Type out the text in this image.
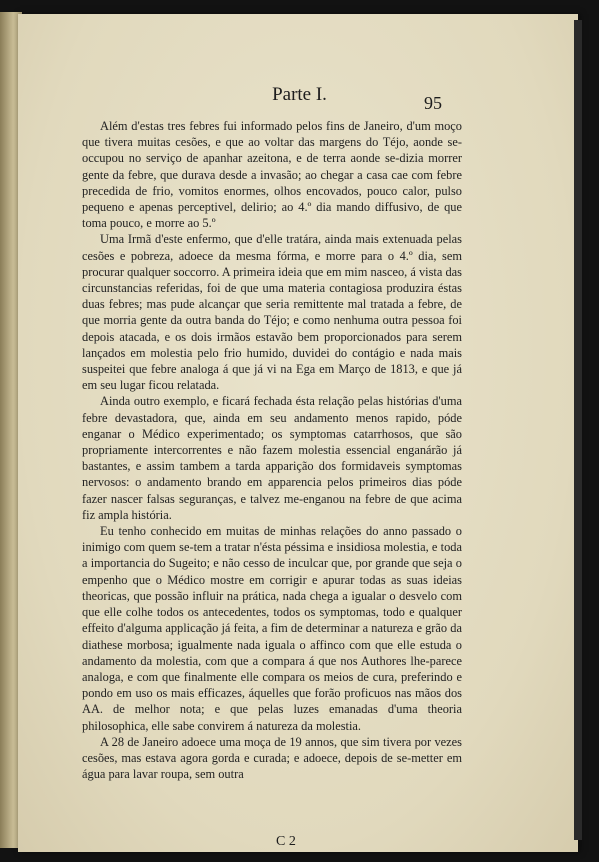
Parte I.	95

Além d'estas tres febres fui informado pelos fins de Janeiro, d'um moço que tivera muitas cesões, e que ao voltar das margens do Téjo, aonde se-occupou no serviço de apanhar azeitona, e de terra aonde se-dizia morrer gente da febre, que durava desde a invasão; ao chegar a casa cae com febre precedida de frio, vomitos enormes, olhos encovados, pouco calor, pulso pequeno e apenas perceptivel, delirio; ao 4.º dia mando diffusivo, de que toma pouco, e morre ao 5.º

Uma Irmã d'este enfermo, que d'elle tratára, ainda mais extenuada pelas cesões e pobreza, adoece da mesma fórma, e morre para o 4.º dia, sem procurar qualquer soccorro. A primeira ideia que em mim nasceo, á vista das circunstancias referidas, foi de que uma materia contagiosa produzira éstas duas febres; mas pude alcançar que seria remittente mal tratada a febre, de que morria gente da outra banda do Téjo; e como nenhuma outra pessoa foi depois atacada, e os dois irmãos estavão bem proporcionados para serem lançados em molestia pelo frio humido, duvidei do contágio e nada mais suspeitei que febre analoga á que já vi na Ega em Março de 1813, e que já em seu lugar ficou relatada.

Ainda outro exemplo, e ficará fechada ésta relação pelas histórias d'uma febre devastadora, que, ainda em seu andamento menos rapido, póde enganar o Médico experimentado; os symptomas catarrhosos, que são propriamente intercorrentes e não fazem molestia essencial enganárão já bastantes, e assim tambem a tarda apparição dos formidaveis symptomas nervosos: o andamento brando em apparencia pelos primeiros dias póde fazer nascer falsas seguranças, e talvez me-enganou na febre de que acima fiz ampla história.

Eu tenho conhecido em muitas de minhas relações do anno passado o inimigo com quem se-tem a tratar n'ésta péssima e insidiosa molestia, e toda a importancia do Sugeito; e não cesso de inculcar que, por grande que seja o empenho que o Médico mostre em corrigir e apurar todas as suas ideias theoricas, que possão influir na prática, nada chega a igualar o desvelo com que elle colhe todos os antecedentes, todos os symptomas, todo e qualquer effeito d'alguma applicação já feita, a fim de determinar a natureza e grão da diathese morbosa; igualmente nada iguala o affinco com que elle estuda o andamento da molestia, com que a compara á que nos Authores lhe-parece analoga, e com que finalmente elle compara os meios de cura, preferindo e pondo em uso os mais efficazes, áquelles que forão proficuos nas mãos dos AA. de melhor nota; e que pelas luzes emanadas d'uma theoria philosophica, elle sabe convirem á natureza da molestia.

A 28 de Janeiro adoece uma moça de 19 annos, que sim tivera por vezes cesões, mas estava agora gorda e curada; e adoece, depois de se-metter em água para lavar roupa, sem outra

C 2
